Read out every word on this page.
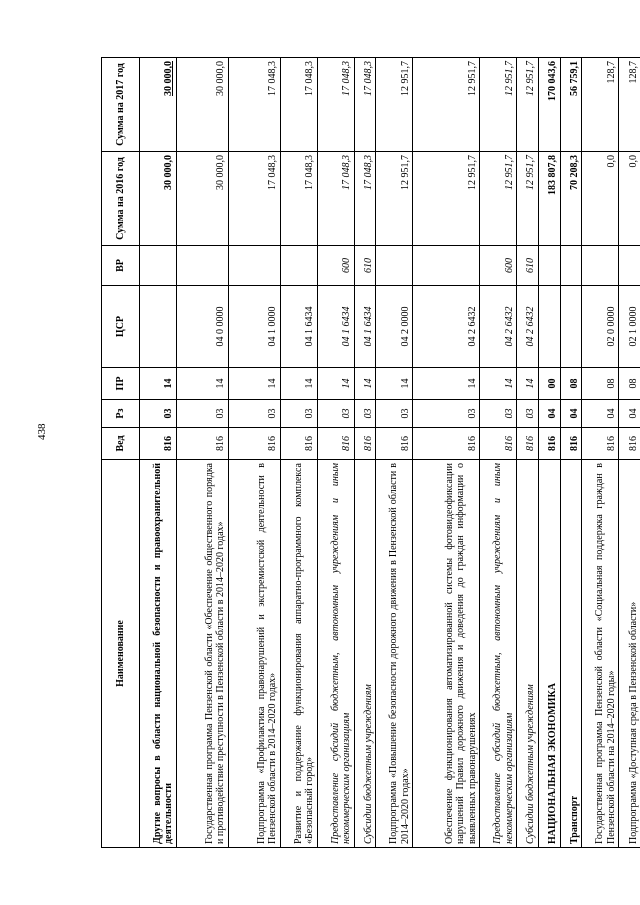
438
Наименование	Вед	Рз	ПР	ЦСР	ВР	Сумма на 2016 год	Сумма на 2017 год
Другие вопросы в области национальной безопасности и правоохранительной деятельности	816	03	14			30 000,0	30 000,0
Государственная программа Пензенской области «Обеспечение общественного порядка и противодействие преступности в Пензенской области в 2014–2020 годах»	816	03	14	04 0 0000		30 000,0	30 000,0
Подпрограмма «Профилактика правонарушений и экстремистской деятельности в Пензенской области в 2014–2020 годах»	816	03	14	04 1 0000		17 048,3	17 048,3
Развитие и поддержание функционирования аппаратно-программного комплекса «Безопасный город»	816	03	14	04 1 6434		17 048,3	17 048,3
Предоставление субсидий бюджетным, автономным учреждениям и иным некоммерческим организациям	816	03	14	04 1 6434	600	17 048,3	17 048,3
Субсидии бюджетным учреждениям	816	03	14	04 1 6434	610	17 048,3	17 048,3
Подпрограмма «Повышение безопасности дорожного движения в Пензенской области в 2014–2020 годах»	816	03	14	04 2 0000		12 951,7	12 951,7
Обеспечение функционирования автоматизированной системы фотовидеофиксации нарушений Правил дорожного движения и доведения до граждан информации о выявленных правонарушениях	816	03	14	04 2 6432		12 951,7	12 951,7
Предоставление субсидий бюджетным, автономным учреждениям и иным некоммерческим организациям	816	03	14	04 2 6432	600	12 951,7	12 951,7
Субсидии бюджетным учреждениям	816	03	14	04 2 6432	610	12 951,7	12 951,7
НАЦИОНАЛЬНАЯ ЭКОНОМИКА	816	04	00			183 807,8	170 043,6
Транспорт	816	04	08			70 208,3	56 759,1
Государственная программа Пензенской области «Социальная поддержка граждан в Пензенской области на 2014–2020 годы»	816	04	08	02 0 0000		0,0	128,7
Подпрограмма «Доступная среда в Пензенской области»	816	04	08	02 1 0000		0,0	128,7
